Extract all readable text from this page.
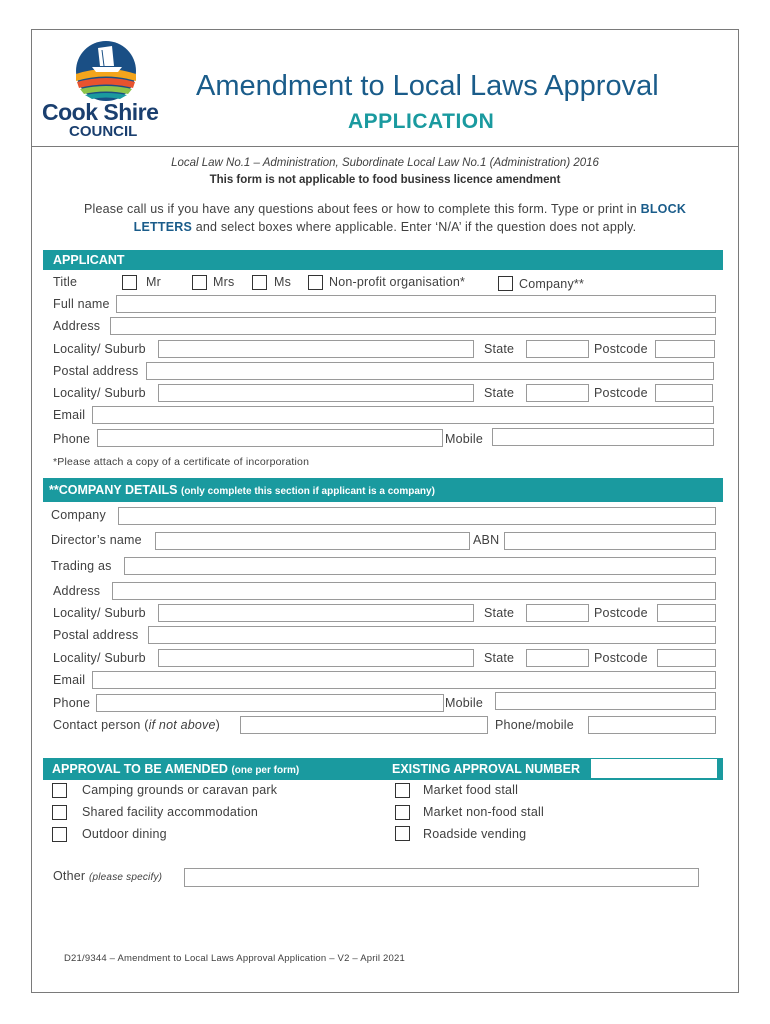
Cook Shire
COUNCIL
Amendment to Local Laws Approval
APPLICATION
Local Law No.1 – Administration, Subordinate Local Law No.1 (Administration) 2016
This form is not applicable to food business licence amendment
Please call us if you have any questions about fees or how to complete this form. Type or print in BLOCK
LETTERS and select boxes where applicable. Enter ‘N/A’ if the question does not apply.
APPLICANT
Title	Mr	Mrs	Ms	Non-profit organisation*	Company**
Full name
Address
Locality/ Suburb	State	Postcode
Postal address
Locality/ Suburb	State	Postcode
Email
Phone	Mobile
*Please attach a copy of a certificate of incorporation
**COMPANY DETAILS (only complete this section if applicant is a company)
Company
Director’s name	ABN
Trading as
Address
Locality/ Suburb	State	Postcode
Postal address
Locality/ Suburb	State	Postcode
Email
Phone	Mobile
Contact person (if not above)	Phone/mobile
APPROVAL TO BE AMENDED (one per form)	EXISTING APPROVAL NUMBER
Camping grounds or caravan park
Shared facility accommodation
Outdoor dining
Market food stall
Market non-food stall
Roadside vending
Other (please specify)
D21/9344 – Amendment to Local Laws Approval Application – V2 – April 2021
